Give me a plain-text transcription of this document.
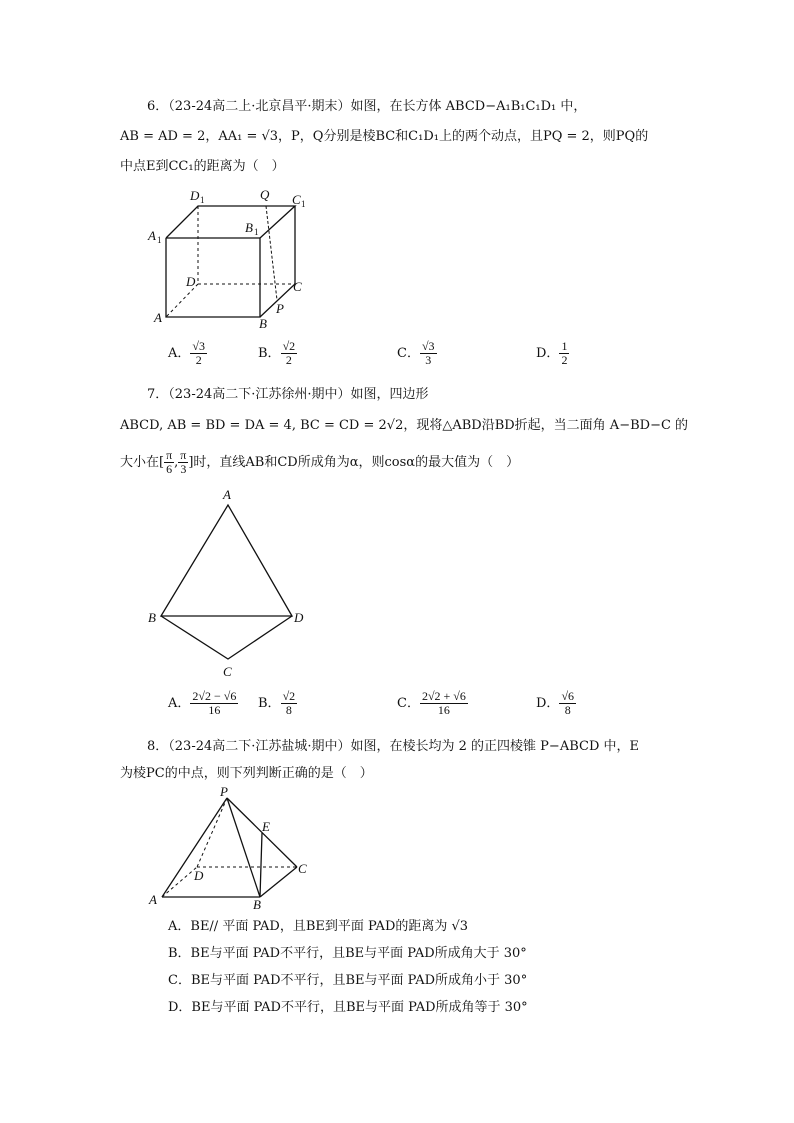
6．（23-24高二上·北京昌平·期末）如图，在长方体 ABCD−A₁B₁C₁D₁ 中，
AB = AD = 2，AA₁ = √3，P，Q分别是棱BC和C₁D₁上的两个动点，且PQ = 2，则PQ的
中点E到CC₁的距离为（　）
D 1	Q C 1
A 1
B 1
D	C
P
A	B
A． $\frac{√3}{2}$	B． $\frac{√2}{2}$	C． $\frac{√3}{3}$	D． $\frac{1}{2}$
7．（23-24高二下·江苏徐州·期中）如图，四边形
ABCD, AB = BD = DA = 4, BC = CD = 2√2，现将△ABD沿BD折起，当二面角 A−BD−C 的
大小在[ $\frac{\pi}{6}$ , $\frac{\pi}{3}$ ]时，直线AB和CD所成角为α，则cosα的最大值为（　）
A
B	D
C
A． $\frac{2√2 - √6}{16}$ B． $\frac{√2}{8}$	C． $\frac{2√2 + √6}{16}$	D． $\frac{√6}{8}$
8．（23-24高二下·江苏盐城·期中）如图，在棱长均为 2 的正四棱锥 P−ABCD 中，E
为棱PC的中点，则下列判断正确的是（　）
P
E
D	C
A	B
A．BE// 平面 PAD，且BE到平面 PAD的距离为 √3
B．BE与平面 PAD不平行，且BE与平面 PAD所成角大于 30°
C．BE与平面 PAD不平行，且BE与平面 PAD所成角小于 30°
D．BE与平面 PAD不平行，且BE与平面 PAD所成角等于 30°
